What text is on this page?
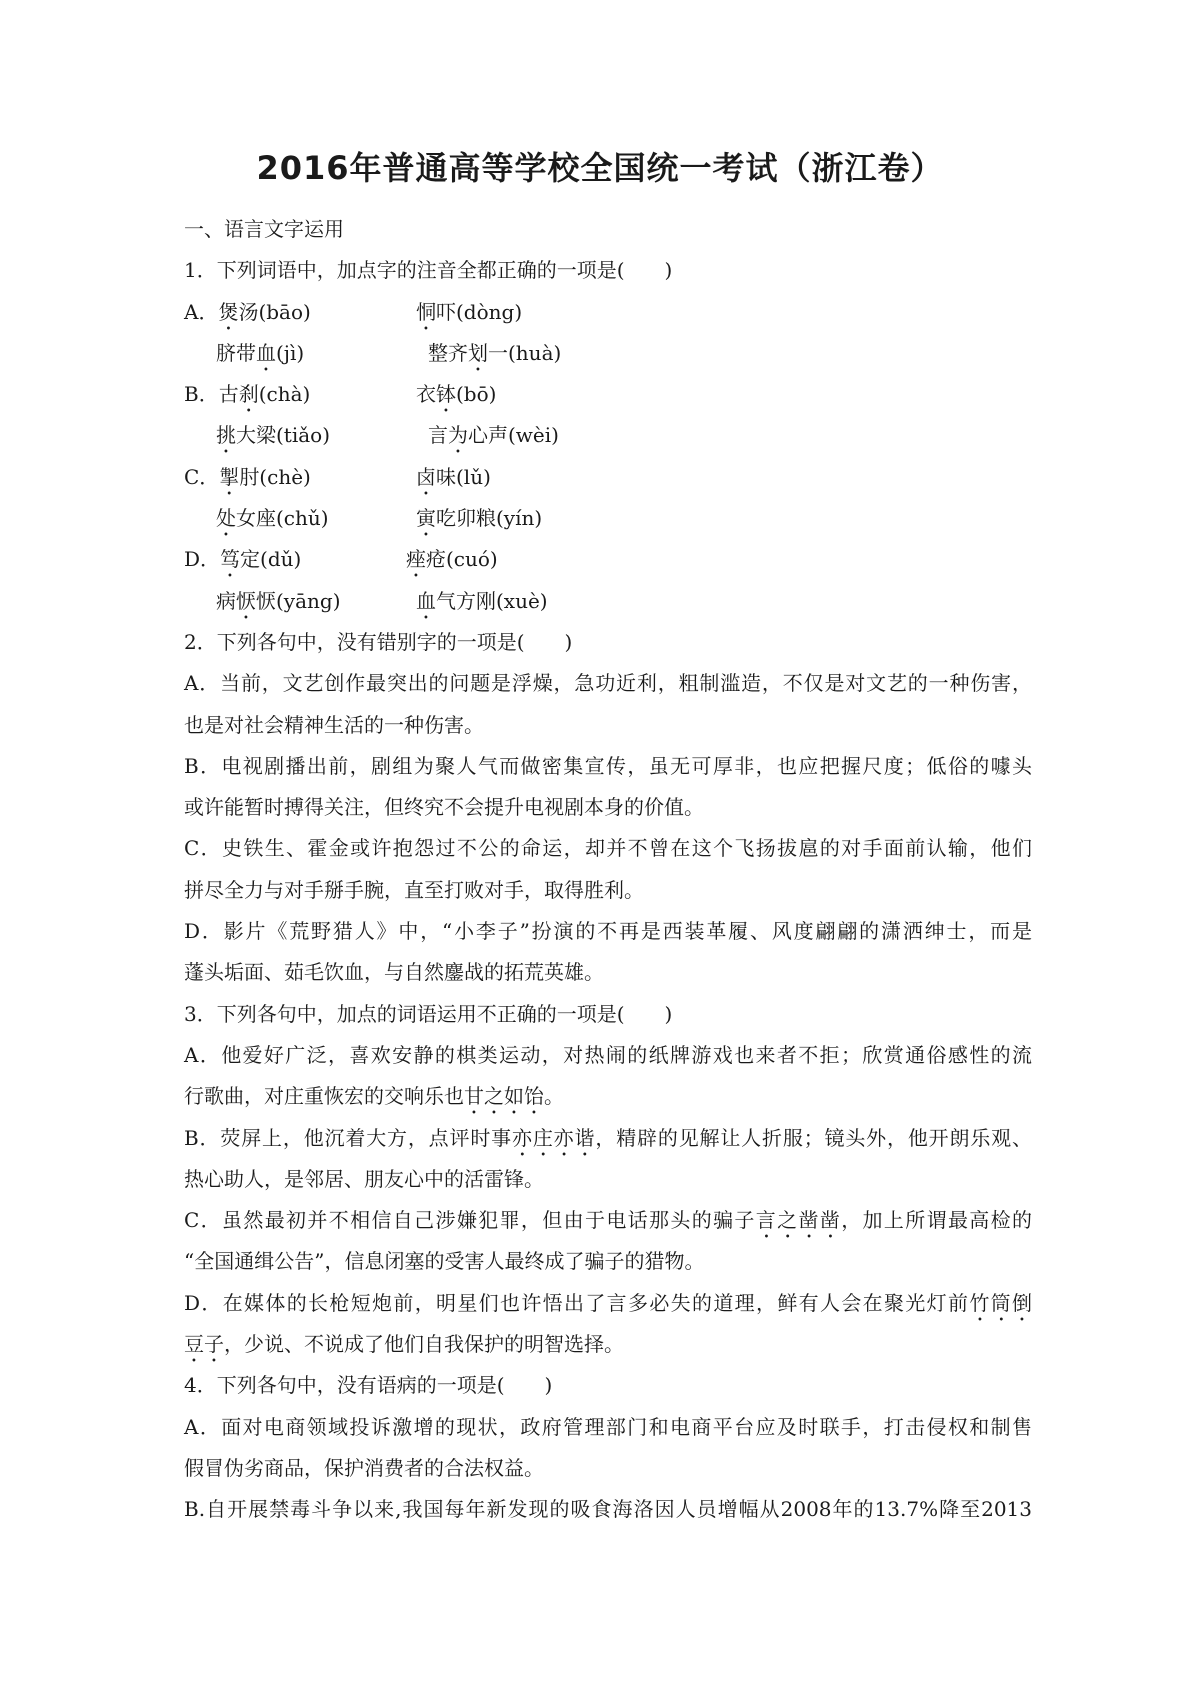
2016年普通高等学校全国统一考试（浙江卷）
一、语言文字运用
1．下列词语中，加点字的注音全都正确的一项是(　　)
A．煲汤(bāo)	恫吓(dòng)
脐带血(jì)	整齐划一(huà)
B．古刹(chà)	衣钵(bō)
挑大梁(tiǎo)	言为心声(wèi)
C．掣肘(chè)	卤味(lǔ)
处女座(chǔ)	寅吃卯粮(yín)
D．笃定(dǔ)	痤疮(cuó)
病恹恹(yāng)	血气方刚(xuè)
2．下列各句中，没有错别字的一项是(　　)
A．当前，文艺创作最突出的问题是浮燥，急功近利，粗制滥造，不仅是对文艺的一种伤害，
也是对社会精神生活的一种伤害。
B．电视剧播出前，剧组为聚人气而做密集宣传，虽无可厚非，也应把握尺度；低俗的噱头
或许能暂时搏得关注，但终究不会提升电视剧本身的价值。
C．史铁生、霍金或许抱怨过不公的命运，却并不曾在这个飞扬拔扈的对手面前认输，他们
拼尽全力与对手掰手腕，直至打败对手，取得胜利。
D．影片《荒野猎人》中，“小李子”扮演的不再是西装革履、风度翩翩的潇洒绅士，而是
蓬头垢面、茹毛饮血，与自然鏖战的拓荒英雄。
3．下列各句中，加点的词语运用不正确的一项是(　　)
A．他爱好广泛，喜欢安静的棋类运动，对热闹的纸牌游戏也来者不拒；欣赏通俗感性的流
行歌曲，对庄重恢宏的交响乐也甘之如饴。
B．荧屏上，他沉着大方，点评时事亦庄亦谐，精辟的见解让人折服；镜头外，他开朗乐观、
热心助人，是邻居、朋友心中的活雷锋。
C．虽然最初并不相信自己涉嫌犯罪，但由于电话那头的骗子言之凿凿，加上所谓最高检的
“全国通缉公告”，信息闭塞的受害人最终成了骗子的猎物。
D．在媒体的长枪短炮前，明星们也许悟出了言多必失的道理，鲜有人会在聚光灯前竹筒倒
豆子，少说、不说成了他们自我保护的明智选择。
4．下列各句中，没有语病的一项是(　　)
A．面对电商领域投诉激增的现状，政府管理部门和电商平台应及时联手，打击侵权和制售
假冒伪劣商品，保护消费者的合法权益。
B.自开展禁毒斗争以来,我国每年新发现的吸食海洛因人员增幅从2008年的13.7%降至2013
